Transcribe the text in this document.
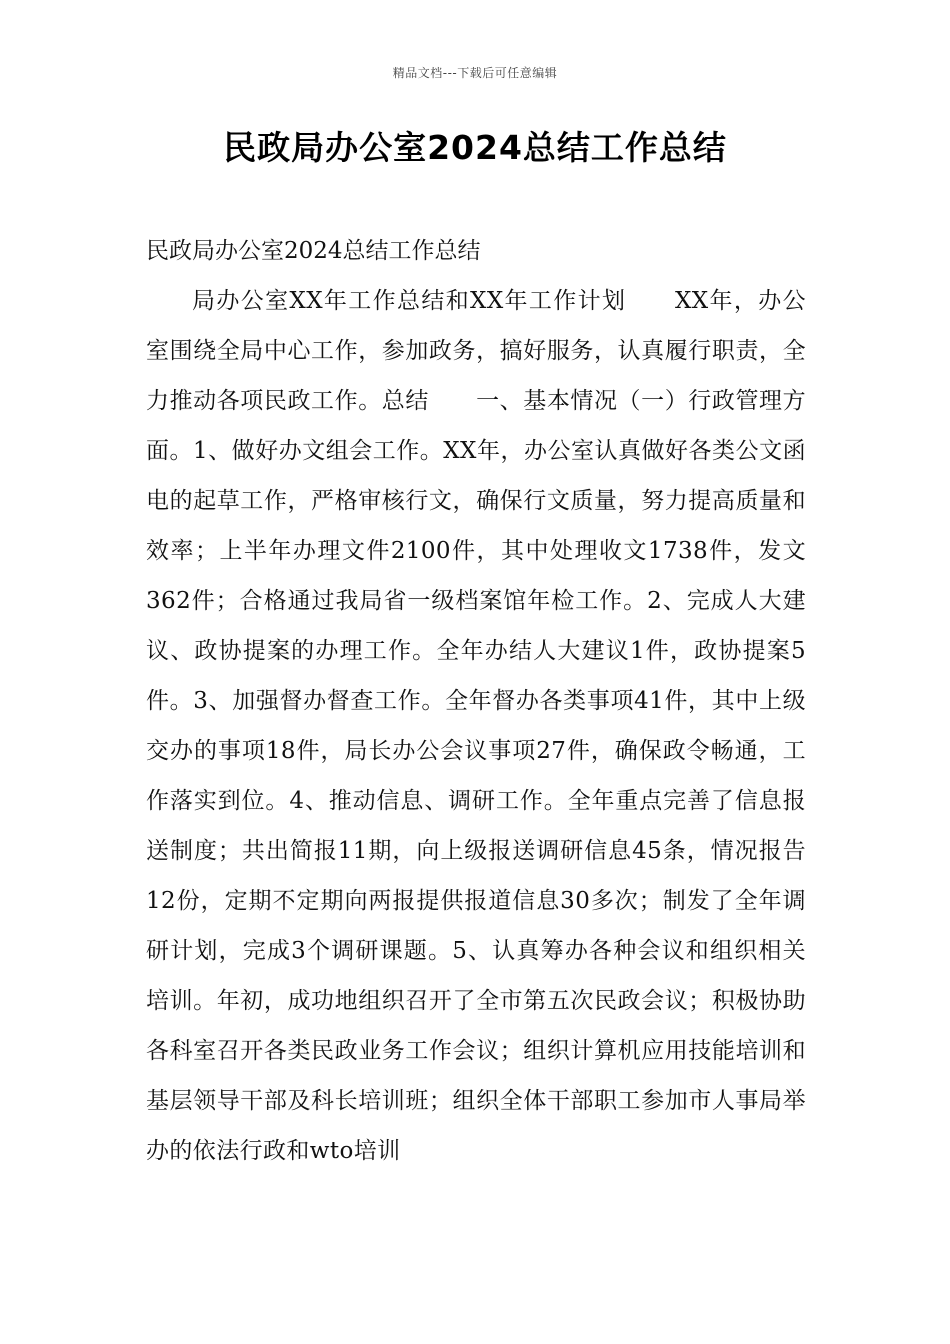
精品文档---下载后可任意编辑
民政局办公室2024总结工作总结

民政局办公室2024总结工作总结

局办公室XX年工作总结和XX年工作计划　　XX年，办公室围绕全局中心工作，参加政务，搞好服务，认真履行职责，全力推动各项民政工作。总结　　一、基本情况（一）行政管理方面。1、做好办文组会工作。XX年，办公室认真做好各类公文函电的起草工作，严格审核行文，确保行文质量，努力提高质量和效率；上半年办理文件2100件，其中处理收文1738件，发文362件；合格通过我局省一级档案馆年检工作。2、完成人大建议、政协提案的办理工作。全年办结人大建议1件，政协提案5件。3、加强督办督查工作。全年督办各类事项41件，其中上级交办的事项18件，局长办公会议事项27件，确保政令畅通，工作落实到位。4、推动信息、调研工作。全年重点完善了信息报送制度；共出简报11期，向上级报送调研信息45条，情况报告12份，定期不定期向两报提供报道信息30多次；制发了全年调研计划，完成3个调研课题。5、认真筹办各种会议和组织相关培训。年初，成功地组织召开了全市第五次民政会议；积极协助各科室召开各类民政业务工作会议；组织计算机应用技能培训和基层领导干部及科长培训班；组织全体干部职工参加市人事局举办的依法行政和wto培训
